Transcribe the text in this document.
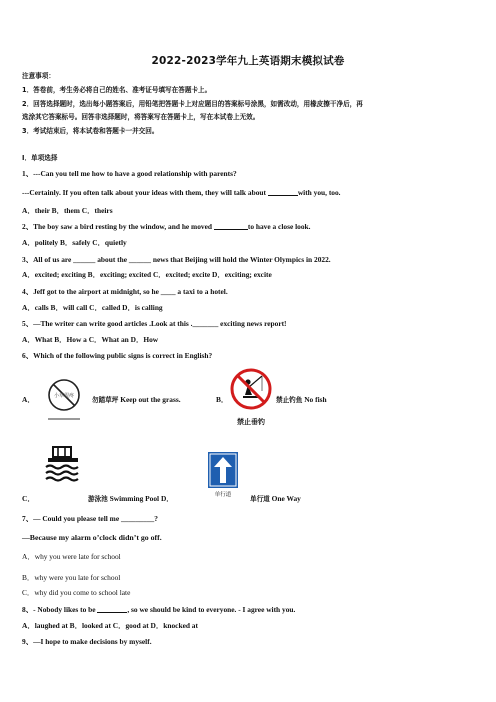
2022-2023学年九上英语期末模拟试卷
注意事项：
1．答卷前，考生务必将自己的姓名、准考证号填写在答题卡上。
2．回答选择题时，选出每小题答案后，用铅笔把答题卡上对应题目的答案标号涂黑，如需改动，用橡皮擦干净后，再
选涂其它答案标号。回答非选择题时，将答案写在答题卡上，写在本试卷上无效。
3．考试结束后，将本试卷和答题卡一并交回。
Ⅰ．单项选择
1、---Can you tell me how to have a good relationship with parents?
---Certainly. If you often talk about your ideas with them, they will talk about	with you, too.
A．their B．them C．theirs
2、The boy saw a bird resting by the window, and he moved	to have a close look.
A．politely B．safely C．quietly
3、All of us are ______ about the ______ news that Beijing will hold the Winter Olympics in 2022.
A．excited; exciting B．exciting; excited C．excited; excite D．exciting; excite
4、Jeff got to the airport at midnight, so he ____ a taxi to a hotel.
A．calls B．will call C．called D．is calling
5、—The writer can write good articles .Look at this ._______ exciting news report!
A．What B．How a C．What an D．How
6、Which of the following public signs is correct in English?
A．	小草很疼	勿踏草坪 Keep out the grass.	B．
禁止垂钓
禁止钓鱼 No fish
C．	游泳池 Swimming Pool D．	单行道	单行道 One Way
7、— Could you please tell me _________?
—Because my alarm o’clock didn’t go off.
A．why you were late for school
B．why were you late for school
C．why did you come to school late
8、- Nobody likes to be	, so we should be kind to everyone. - I agree with you.
A．laughed at B．looked at C．good at D．knocked at
9、—I hope to make decisions by myself.
